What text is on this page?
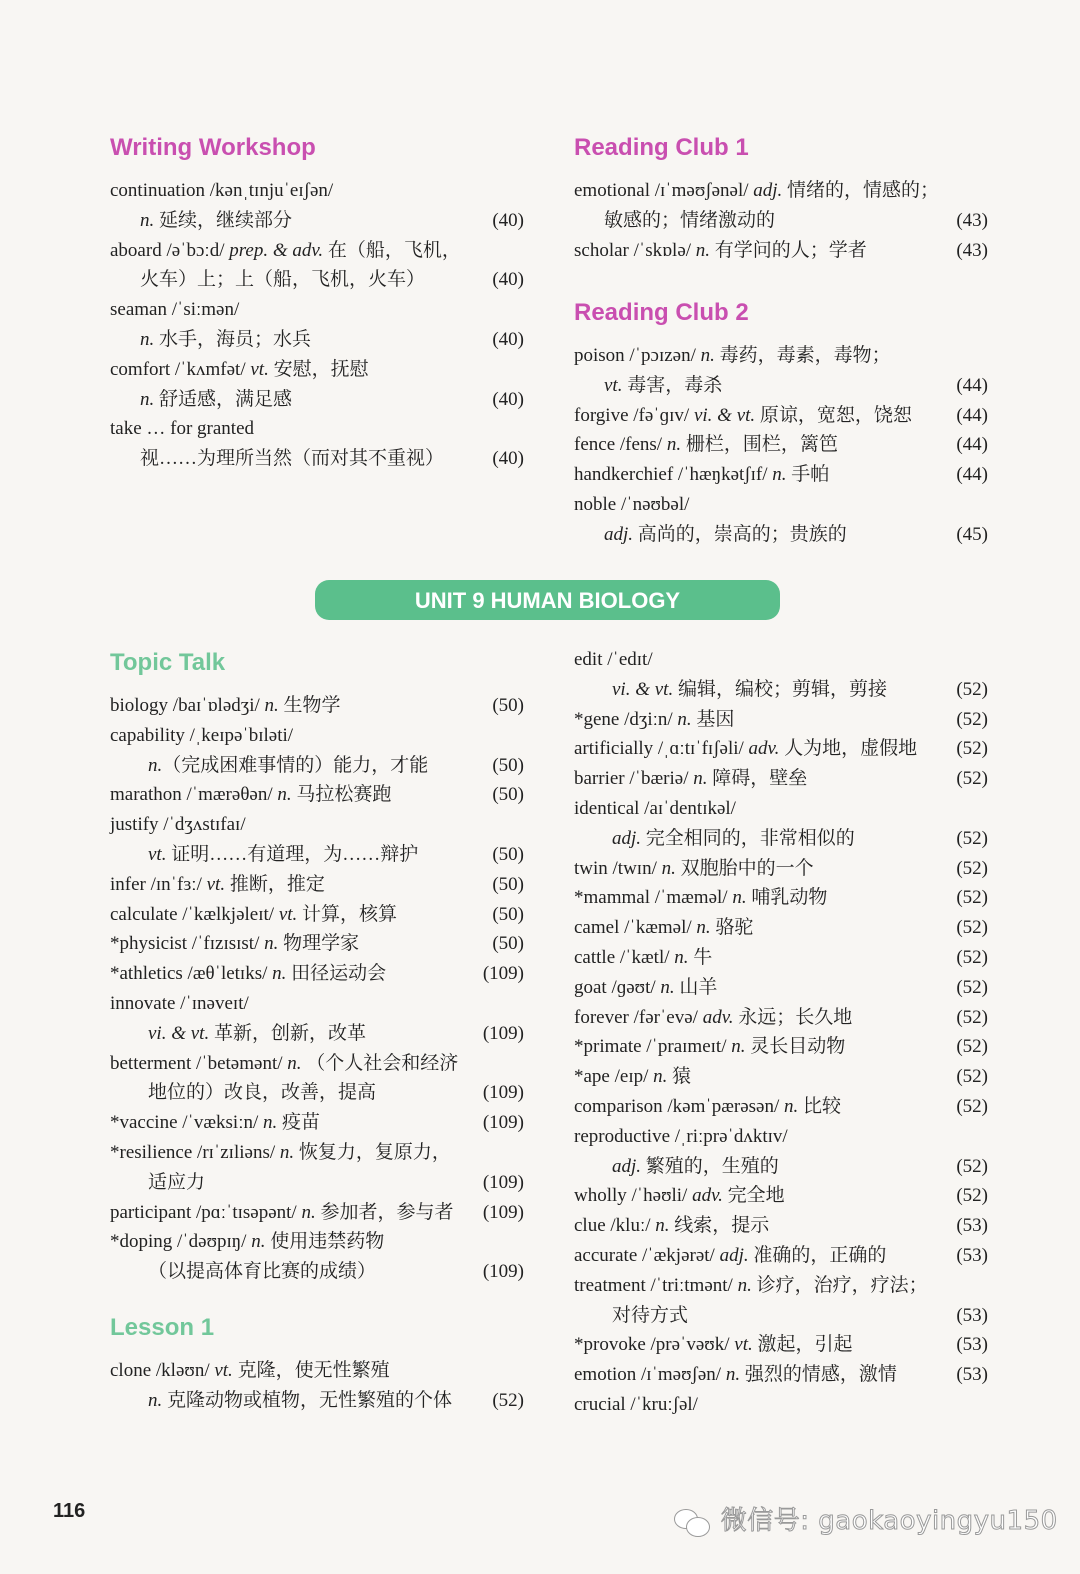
Writing Workshop
continuation /kənˌtɪnjuˈeɪʃən/
n. 延续，继续部分	(40)
aboard /əˈbɔːd/ prep. & adv. 在（船，飞机，
火车）上；上（船，飞机，火车）	(40)
seaman /ˈsiːmən/
n. 水手，海员；水兵	(40)
comfort /ˈkʌmfət/ vt. 安慰，抚慰
n. 舒适感，满足感	(40)
take … for granted
视……为理所当然（而对其不重视）	(40)
Reading Club 1
emotional /ɪˈməʊʃənəl/ adj. 情绪的，情感的；
敏感的；情绪激动的	(43)
scholar /ˈskɒlə/ n. 有学问的人；学者	(43)
Reading Club 2
poison /ˈpɔɪzən/ n. 毒药，毒素，毒物；
vt. 毒害，毒杀	(44)
forgive /fəˈɡɪv/ vi. & vt. 原谅，宽恕，饶恕 (44)
fence /fens/ n. 栅栏，围栏，篱笆	(44)
handkerchief /ˈhæŋkətʃɪf/ n. 手帕	(44)
noble /ˈnəʊbəl/
adj. 高尚的，崇高的；贵族的	(45)
UNIT 9 HUMAN BIOLOGY
Topic Talk
biology /baɪˈɒlədʒi/ n. 生物学	(50)
capability /ˌkeɪpəˈbɪləti/
n.（完成困难事情的）能力，才能	(50)
marathon /ˈmærəθən/ n. 马拉松赛跑	(50)
justify /ˈdʒʌstɪfaɪ/
vt. 证明……有道理，为……辩护	(50)
infer /ɪnˈfɜː/ vt. 推断，推定	(50)
calculate /ˈkælkjəleɪt/ vt. 计算，核算	(50)
*physicist /ˈfɪzɪsɪst/ n. 物理学家	(50)
*athletics /æθˈletɪks/ n. 田径运动会	(109)
innovate /ˈɪnəveɪt/
vi. & vt. 革新，创新，改革	(109)
betterment /ˈbetəmənt/ n. （个人社会和经济
地位的）改良，改善，提高	(109)
*vaccine /ˈvæksiːn/ n. 疫苗	(109)
*resilience /rɪˈzɪliəns/ n. 恢复力，复原力，
适应力	(109)
participant /pɑːˈtɪsəpənt/ n. 参加者，参与者 (109)
*doping /ˈdəʊpɪŋ/ n. 使用违禁药物
（以提高体育比赛的成绩）	(109)
Lesson 1
clone /kləʊn/ vt. 克隆，使无性繁殖
n. 克隆动物或植物，无性繁殖的个体 (52)
edit /ˈedɪt/
vi. & vt. 编辑，编校；剪辑，剪接	(52)
*gene /dʒiːn/ n. 基因	(52)
artificially /ˌɑːtɪˈfɪʃəli/ adv. 人为地，虚假地 (52)
barrier /ˈbæriə/ n. 障碍，壁垒	(52)
identical /aɪˈdentɪkəl/
adj. 完全相同的，非常相似的	(52)
twin /twɪn/ n. 双胞胎中的一个	(52)
*mammal /ˈmæməl/ n. 哺乳动物	(52)
camel /ˈkæməl/ n. 骆驼	(52)
cattle /ˈkætl/ n. 牛	(52)
goat /ɡəʊt/ n. 山羊	(52)
forever /fərˈevə/ adv. 永远；长久地	(52)
*primate /ˈpraɪmeɪt/ n. 灵长目动物	(52)
*ape /eɪp/ n. 猿	(52)
comparison /kəmˈpærəsən/ n. 比较	(52)
reproductive /ˌriːprəˈdʌktɪv/
adj. 繁殖的，生殖的	(52)
wholly /ˈhəʊli/ adv. 完全地	(52)
clue /kluː/ n. 线索，提示	(53)
accurate /ˈækjərət/ adj. 准确的，正确的	(53)
treatment /ˈtriːtmənt/ n. 诊疗，治疗，疗法；
对待方式	(53)
*provoke /prəˈvəʊk/ vt. 激起，引起	(53)
emotion /ɪˈməʊʃən/ n. 强烈的情感，激情	(53)
crucial /ˈkruːʃəl/
116	微信号: gaokaoyingyu150
